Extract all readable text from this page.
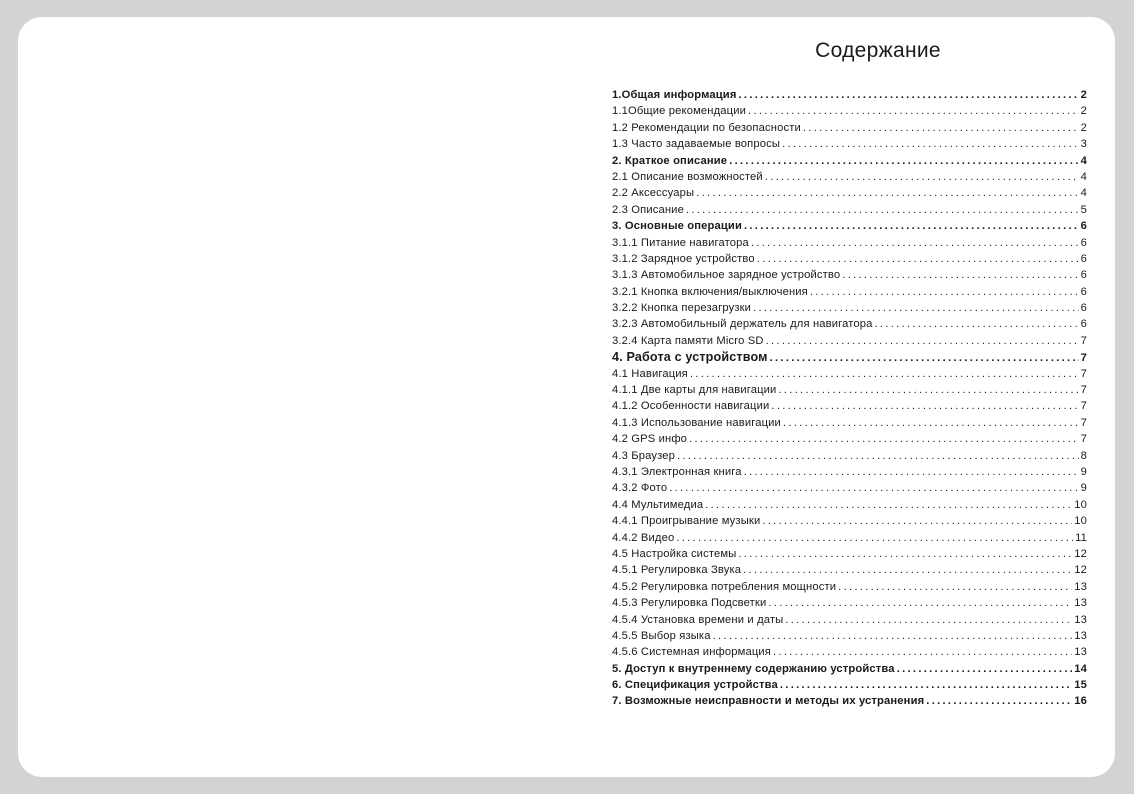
Содержание
1.Общая информация .....	2
1.1Общие рекомендации .....	2
1.2 Рекомендации по безопасности .....	2
1.3 Часто задаваемые вопросы .....	3
2. Краткое описание .....	4
2.1 Описание возможностей .....	4
2.2 Аксессуары .....	4
2.3 Описание .....	5
3. Основные операции .....	6
3.1.1 Питание навигатора .....	6
3.1.2 Зарядное устройство .....	6
3.1.3 Автомобильное зарядное устройство .....	6
3.2.1 Кнопка включения/выключения .....	6
3.2.2 Кнопка перезагрузки .....	6
3.2.3 Автомобильный держатель для навигатора .....	6
3.2.4 Карта памяти Micro SD .....	7
4. Работа с устройством .....	7
4.1 Навигация .....	7
4.1.1 Две карты для навигации .....	7
4.1.2 Особенности навигации .....	7
4.1.3 Использование навигации .....	7
4.2 GPS инфо .....	7
4.3 Браузер .....	8
4.3.1 Электронная книга .....	9
4.3.2 Фото .....	9
4.4 Мультимедиа .....	10
4.4.1 Проигрывание музыки .....	10
4.4.2 Видео .....	11
4.5 Настройка системы .....	12
4.5.1 Регулировка Звука .....	12
4.5.2 Регулировка потребления мощности .....	13
4.5.3 Регулировка Подсветки .....	13
4.5.4 Установка времени и даты .....	13
4.5.5 Выбор языка .....	13
4.5.6 Системная информация .....	13
5. Доступ к внутреннему содержанию устройства .....	14
6. Спецификация устройства .....	15
7. Возможные неисправности и методы их устранения .....	16
